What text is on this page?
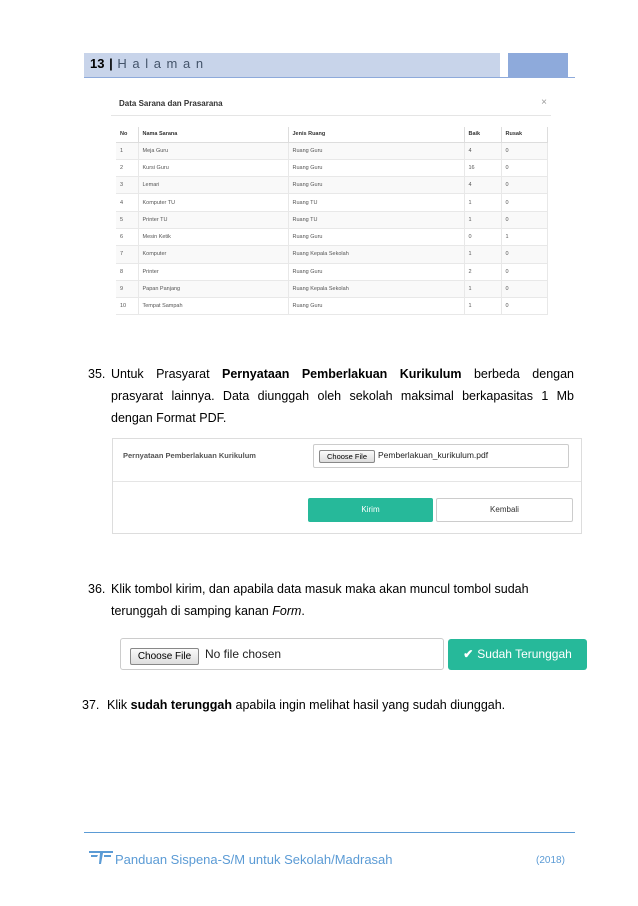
13 | H a l a m a n
Data Sarana dan Prasarana	×
No	Nama Sarana	Jenis Ruang	Baik	Rusak
1	Meja Guru	Ruang Guru	4	0
2	Kursi Guru	Ruang Guru	16	0
3	Lemari	Ruang Guru	4	0
4	Komputer TU	Ruang TU	1	0
5	Printer TU	Ruang TU	1	0
6	Mesin Ketik	Ruang Guru	0	1
7	Komputer	Ruang Kepala Sekolah	1	0
8	Printer	Ruang Guru	2	0
9	Papan Panjang	Ruang Kepala Sekolah	1	0
10	Tempat Sampah	Ruang Guru	1	0
35. Untuk Prasyarat Pernyataan Pemberlakuan Kurikulum berbeda dengan prasyarat lainnya. Data diunggah oleh sekolah maksimal berkapasitas 1 Mb dengan Format PDF.
Pernyataan Pemberlakuan Kurikulum	Choose File	Pemberlakuan_kurikulum.pdf
Kirim	Kembali
36. Klik tombol kirim, dan apabila data masuk maka akan muncul tombol sudah terunggah di samping kanan Form.
Choose File	No file chosen	✔ Sudah Terunggah
37. Klik sudah terunggah apabila ingin melihat hasil yang sudah diunggah.
Panduan Sispena-S/M untuk Sekolah/Madrasah	(2018)
